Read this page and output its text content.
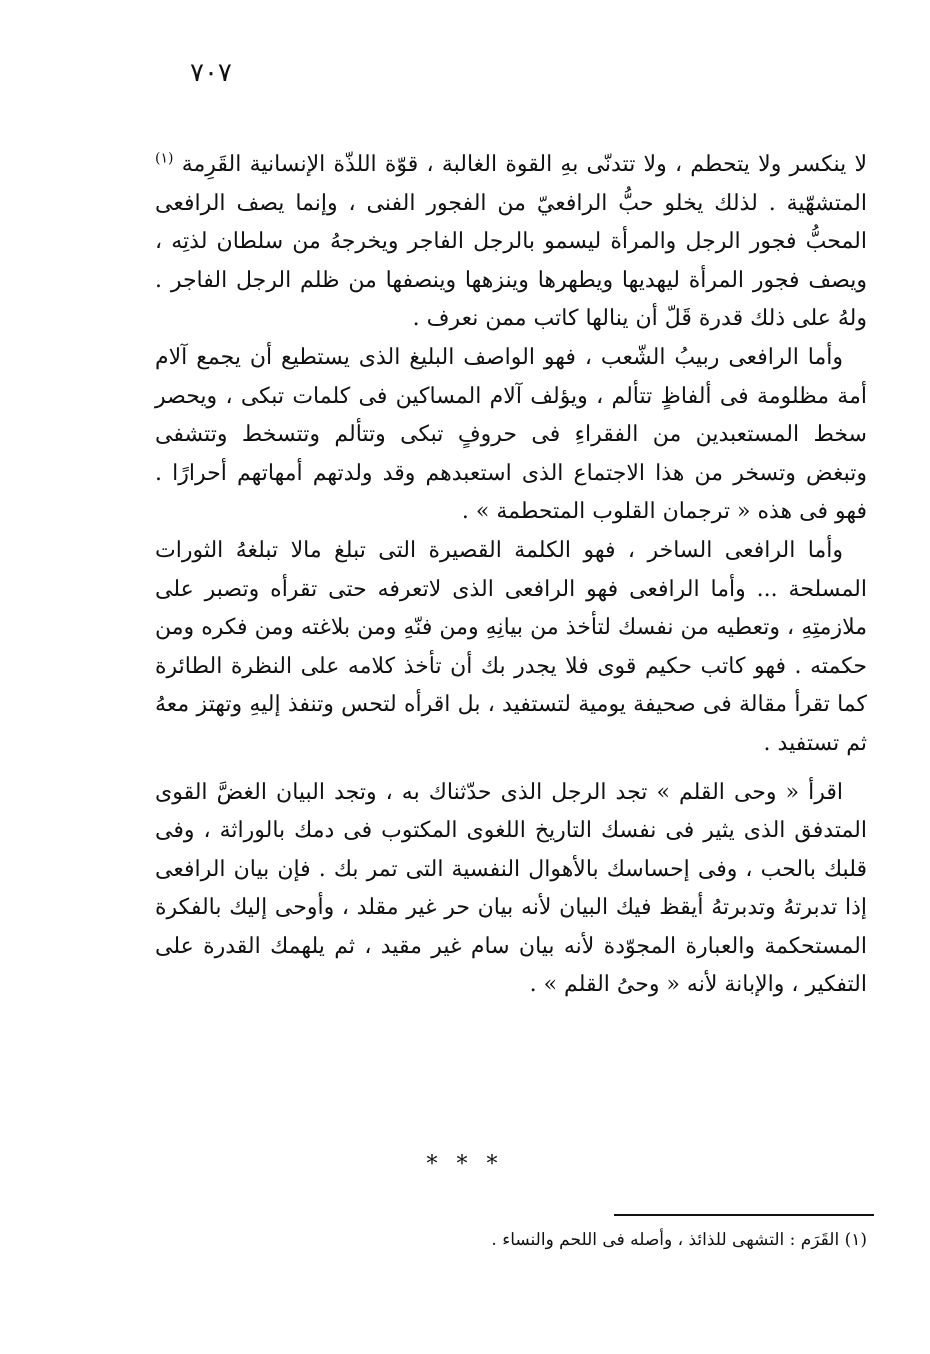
٧٠٧

لا ينكسر ولا يتحطم ، ولا تتدنّى بهِ القوة الغالبة ، قوّة اللذّة الإنسانية القَرِمة $^{(١)}$ المتشهّية . لذلك يخلو حبُّ الرافعيّ من الفجور الفنى ، وإنما يصف الرافعى المحبُّ فجور الرجل والمرأة ليسمو بالرجل الفاجر ويخرجهُ من سلطان لذتِه ، ويصف فجور المرأة ليهديها ويطهرها وينزهها وينصفها من ظلم الرجل الفاجر . ولهُ على ذلك قدرة قَلّ أن ينالها كاتب ممن نعرف .

وأما الرافعى ربيبُ الشّعب ، فهو الواصف البليغ الذى يستطيع أن يجمع آلام أمة مظلومة فى ألفاظٍ تتألم ، ويؤلف آلام المساكين فى كلمات تبكى ، ويحصر سخط المستعبدين من الفقراءِ فى حروفٍ تبكى وتتألم وتتسخط وتتشفى وتبغض وتسخر من هذا الاجتماع الذى استعبدهم وقد ولدتهم أمهاتهم أحرارًا . فهو فى هذه « ترجمان القلوب المتحطمة » .

وأما الرافعى الساخر ، فهو الكلمة القصيرة التى تبلغ مالا تبلغهُ الثورات المسلحة ... وأما الرافعى فهو الرافعى الذى لاتعرفه حتى تقرأه وتصبر على ملازمتِهِ ، وتعطيه من نفسك لتأخذ من بيانِهِ ومن فنّهِ ومن بلاغته ومن فكره ومن حكمته . فهو كاتب حكيم قوى فلا يجدر بك أن تأخذ كلامه على النظرة الطائرة كما تقرأ مقالة فى صحيفة يومية لتستفيد ، بل اقرأه لتحس وتنفذ إليهِ وتهتز معهُ ثم تستفيد .

اقرأ « وحى القلم » تجد الرجل الذى حدّثناك به ، وتجد البيان الغضَّ القوى المتدفق الذى يثير فى نفسك التاريخ اللغوى المكتوب فى دمك بالوراثة ، وفى قلبك بالحب ، وفى إحساسك بالأهوال النفسية التى تمر بك . فإن بيان الرافعى إذا تدبرتهُ وتدبرتهُ أيقظ فيك البيان لأنه بيان حر غير مقلد ، وأوحى إليك بالفكرة المستحكمة والعبارة المجوّدة لأنه بيان سام غير مقيد ، ثم يلهمك القدرة على التفكير ، والإبانة لأنه « وحىُ القلم » .

* * *
(١) القَرَم : التشهى للذائذ ، وأصله فى اللحم والنساء .
